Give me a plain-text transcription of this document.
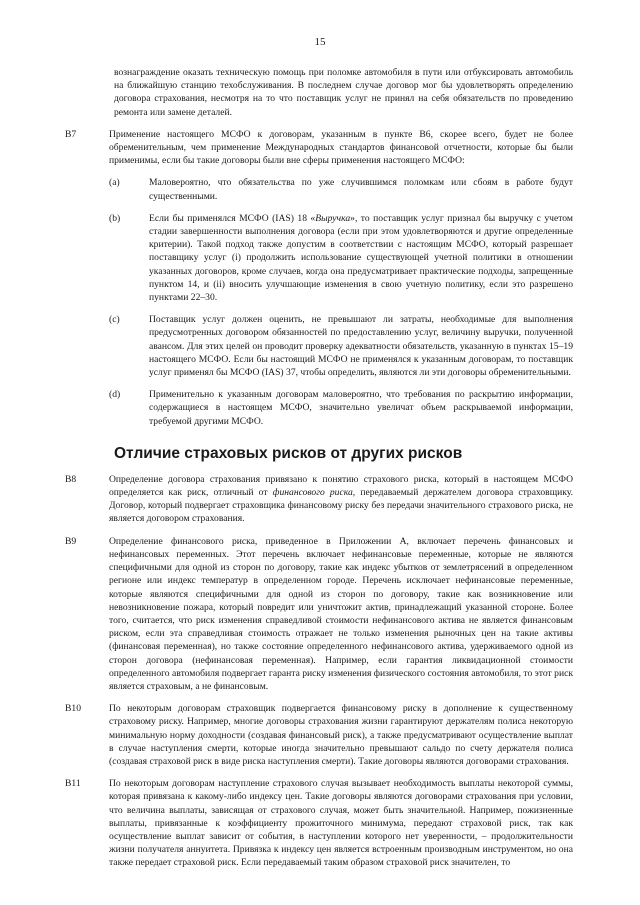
15

вознаграждение оказать техническую помощь при поломке автомобиля в пути или отбуксировать автомобиль на ближайшую станцию техобслуживания. В последнем случае договор мог бы удовлетворять определению договора страхования, несмотря на то что поставщик услуг не принял на себя обязательств по проведению ремонта или замене деталей.

B7	Применение настоящего МСФО к договорам, указанным в пункте B6, скорее всего, будет не более обременительным, чем применение Международных стандартов финансовой отчетности, которые бы были применимы, если бы такие договоры были вне сферы применения настоящего МСФО:
(a)	Маловероятно, что обязательства по уже случившимся поломкам или сбоям в работе будут существенными.
(b)	Если бы применялся МСФО (IAS) 18 «Выручка», то поставщик услуг признал бы выручку с учетом стадии завершенности выполнения договора (если при этом удовлетворяются и другие определенные критерии). Такой подход также допустим в соответствии с настоящим МСФО, который разрешает поставщику услуг (i) продолжить использование существующей учетной политики в отношении указанных договоров, кроме случаев, когда она предусматривает практические подходы, запрещенные пунктом 14, и (ii) вносить улучшающие изменения в свою учетную политику, если это разрешено пунктами 22–30.
(c)	Поставщик услуг должен оценить, не превышают ли затраты, необходимые для выполнения предусмотренных договором обязанностей по предоставлению услуг, величину выручки, полученной авансом. Для этих целей он проводит проверку адекватности обязательств, указанную в пунктах 15–19 настоящего МСФО. Если бы настоящий МСФО не применялся к указанным договорам, то поставщик услуг применял бы МСФО (IAS) 37, чтобы определить, являются ли эти договоры обременительными.
(d)	Применительно к указанным договорам маловероятно, что требования по раскрытию информации, содержащиеся в настоящем МСФО, значительно увеличат объем раскрываемой информации, требуемой другими МСФО.
Отличие страховых рисков от других рисков
B8	Определение договора страхования привязано к понятию страхового риска, который в настоящем МСФО определяется как риск, отличный от финансового риска, передаваемый держателем договора страховщику. Договор, который подвергает страховщика финансовому риску без передачи значительного страхового риска, не является договором страхования.
B9	Определение финансового риска, приведенное в Приложении А, включает перечень финансовых и нефинансовых переменных. Этот перечень включает нефинансовые переменные, которые не являются специфичными для одной из сторон по договору, такие как индекс убытков от землетрясений в определенном регионе или индекс температур в определенном городе. Перечень исключает нефинансовые переменные, которые являются специфичными для одной из сторон по договору, такие как возникновение или невозникновение пожара, который повредит или уничтожит актив, принадлежащий указанной стороне. Более того, считается, что риск изменения справедливой стоимости нефинансового актива не является финансовым риском, если эта справедливая стоимость отражает не только изменения рыночных цен на такие активы (финансовая переменная), но также состояние определенного нефинансового актива, удерживаемого одной из сторон договора (нефинансовая переменная). Например, если гарантия ликвидационной стоимости определенного автомобиля подвергает гаранта риску изменения физического состояния автомобиля, то этот риск является страховым, а не финансовым.
B10	По некоторым договорам страховщик подвергается финансовому риску в дополнение к существенному страховому риску. Например, многие договоры страхования жизни гарантируют держателям полиса некоторую минимальную норму доходности (создавая финансовый риск), а также предусматривают осуществление выплат в случае наступления смерти, которые иногда значительно превышают сальдо по счету держателя полиса (создавая страховой риск в виде риска наступления смерти). Такие договоры являются договорами страхования.
B11	По некоторым договорам наступление страхового случая вызывает необходимость выплаты некоторой суммы, которая привязана к какому-либо индексу цен. Такие договоры являются договорами страхования при условии, что величина выплаты, зависящая от страхового случая, может быть значительной. Например, пожизненные выплаты, привязанные к коэффициенту прожиточного минимума, передают страховой риск, так как осуществление выплат зависит от события, в наступлении которого нет уверенности, – продолжительности жизни получателя аннуитета. Привязка к индексу цен является встроенным производным инструментом, но она также передает страховой риск. Если передаваемый таким образом страховой риск значителен, то
